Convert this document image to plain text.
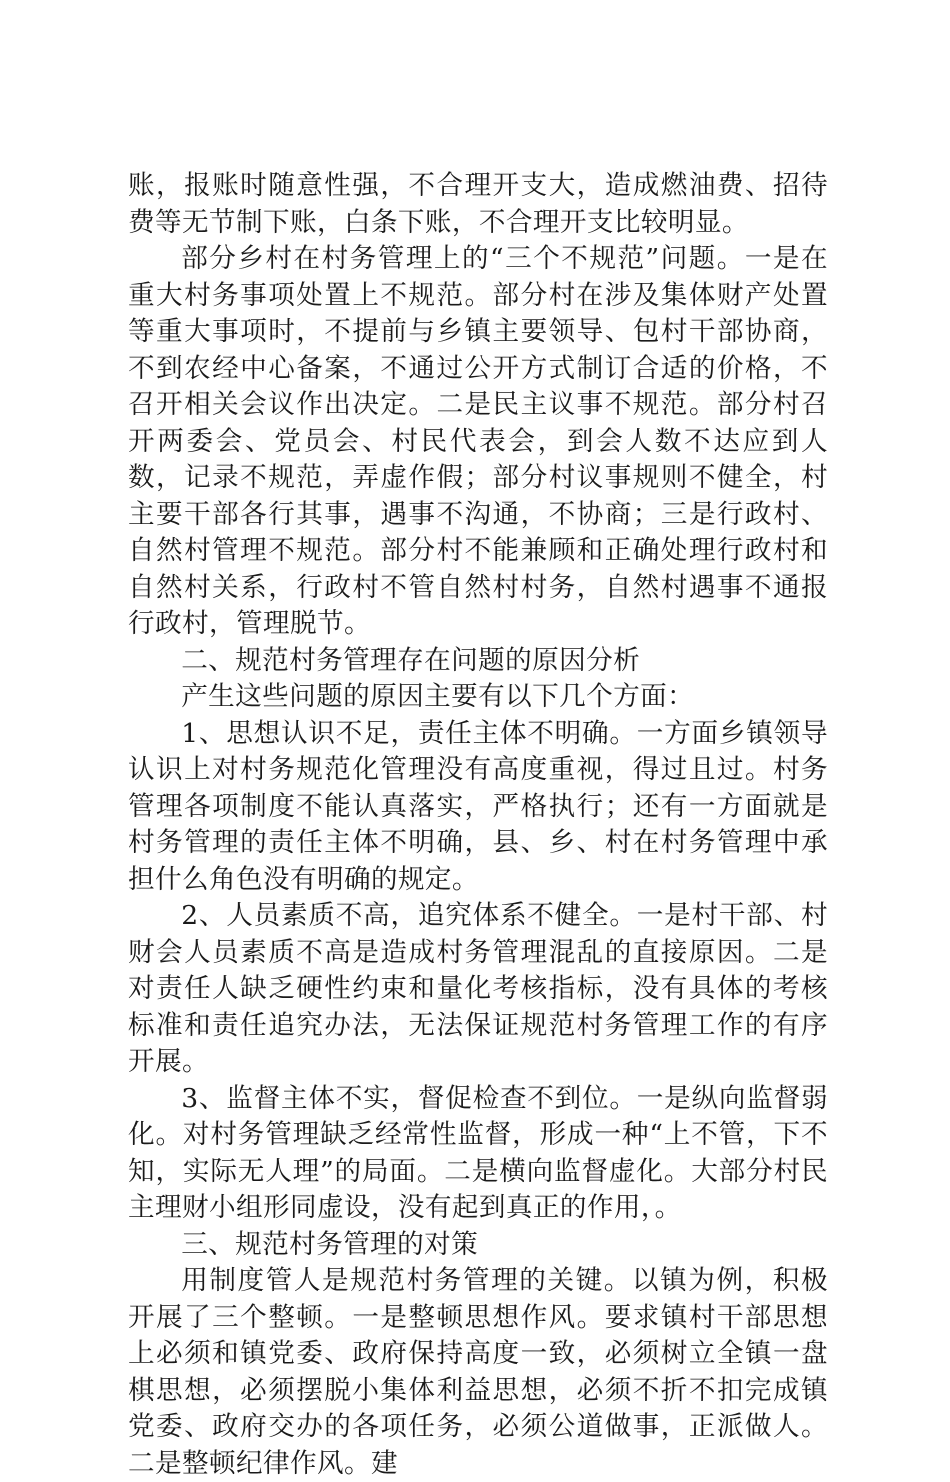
账，报账时随意性强，不合理开支大，造成燃油费、招待费等无节制下账，白条下账，不合理开支比较明显。

部分乡村在村务管理上的“三个不规范”问题。一是在重大村务事项处置上不规范。部分村在涉及集体财产处置等重大事项时，不提前与乡镇主要领导、包村干部协商，不到农经中心备案，不通过公开方式制订合适的价格，不召开相关会议作出决定。二是民主议事不规范。部分村召开两委会、党员会、村民代表会，到会人数不达应到人数，记录不规范，弄虚作假；部分村议事规则不健全，村主要干部各行其事，遇事不沟通，不协商；三是行政村、自然村管理不规范。部分村不能兼顾和正确处理行政村和自然村关系，行政村不管自然村村务，自然村遇事不通报行政村，管理脱节。

二、规范村务管理存在问题的原因分析

产生这些问题的原因主要有以下几个方面：

1、思想认识不足，责任主体不明确。一方面乡镇领导认识上对村务规范化管理没有高度重视，得过且过。村务管理各项制度不能认真落实，严格执行；还有一方面就是村务管理的责任主体不明确，县、乡、村在村务管理中承担什么角色没有明确的规定。

2、人员素质不高，追究体系不健全。一是村干部、村财会人员素质不高是造成村务管理混乱的直接原因。二是对责任人缺乏硬性约束和量化考核指标，没有具体的考核标准和责任追究办法，无法保证规范村务管理工作的有序开展。

3、监督主体不实，督促检查不到位。一是纵向监督弱化。对村务管理缺乏经常性监督，形成一种“上不管，下不知，实际无人理”的局面。二是横向监督虚化。大部分村民主理财小组形同虚设，没有起到真正的作用，。

三、规范村务管理的对策

用制度管人是规范村务管理的关键。以镇为例，积极开展了三个整顿。一是整顿思想作风。要求镇村干部思想上必须和镇党委、政府保持高度一致，必须树立全镇一盘棋思想，必须摆脱小集体利益思想，必须不折不扣完成镇党委、政府交办的各项任务，必须公道做事，正派做人。二是整顿纪律作风。建
